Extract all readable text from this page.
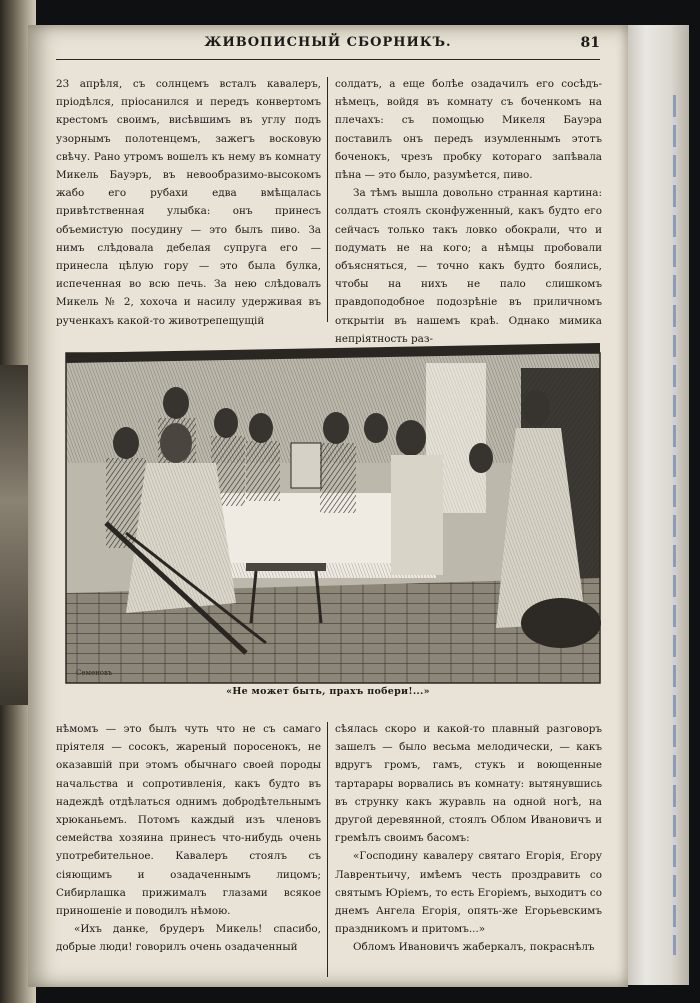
ЖИВОПИСНЫЙ СБОРНИКЪ.	81

23 апрѣля, съ солнцемъ всталъ кавалеръ, пріодѣлся, пріосанился и передъ конвертомъ крестомъ своимъ, висѣвшимъ въ углу подъ узорнымъ полотенцемъ, зажегъ восковую свѣчу. Рано утромъ вошелъ къ нему въ комнату Микель Бауэръ, въ невообразимо-высокомъ жабо его рубахи едва вмѣщалась привѣтственная улыбка: онъ принесъ объемистую посудину — это былъ пиво. За нимъ слѣдовала дебелая супруга его — принесла цѣлую гору — это была булка, испеченная во всю печь. За нею слѣдовалъ Микель № 2, хохоча и насилу удерживая въ рученкахъ какой-то животрепещущій

солдатъ, а еще болѣе озадачилъ его сосѣдъ-нѣмецъ, войдя въ комнату съ боченкомъ на плечахъ: съ помощью Микеля Бауэра поставилъ онъ передъ изумленнымъ этотъ боченокъ, чрезъ пробку котораго запѣвала пѣна — это было, разумѣется, пиво.

За тѣмъ вышла довольно странная картина: солдатъ стоялъ сконфуженный, какъ будто его сейчасъ только такъ ловко обокрали, что и подумать не на кого; а нѣмцы пробовали объясняться, — точно какъ будто боялись, чтобы на нихъ не пало слишкомъ правдоподобное подозрѣніе въ приличномъ открытіи въ нашемъ краѣ. Однако мимика непріятность раз-

Семеновъ
«Не может быть, прахъ побери!...»

нѣмомъ — это былъ чуть что не съ самаго пріятеля — сосокъ, жареный поросенокъ, не оказавшій при этомъ обычнаго своей породы начальства и сопротивленія, какъ будто въ надеждѣ отдѣлаться однимъ добродѣтельнымъ хрюканьемъ. Потомъ каждый изъ членовъ семейства хозяина принесъ что-нибудь очень употребительное. Кавалеръ стоялъ съ сіяющимъ и озадаченнымъ лицомъ; Сибирлашка прижималъ глазами всякое приношеніе и поводилъ нѣмою.

«Ихъ данке, брудеръ Микель! спасибо, добрые люди! говорилъ очень озадаченный

сѣялась скоро и какой-то плавный разговоръ зашелъ — было весьма мелодически, — какъ вдругъ громъ, гамъ, стукъ и воющенные тартарары ворвались въ комнату: вытянувшись въ струнку какъ журавль на одной ногѣ, на другой деревянной, стоялъ Облом Ивановичъ и гремѣлъ своимъ басомъ:

«Господину кавалеру святаго Егорія, Егору Лаврентьичу, имѣемъ честь проздравить со святымъ Юріемъ, то есть Егоріемъ, выходитъ со днемъ Ангела Егорія, опять-же Егорьевскимъ праздникомъ и притомъ...»

Обломъ Ивановичъ жаберкалъ, покраснѣлъ
